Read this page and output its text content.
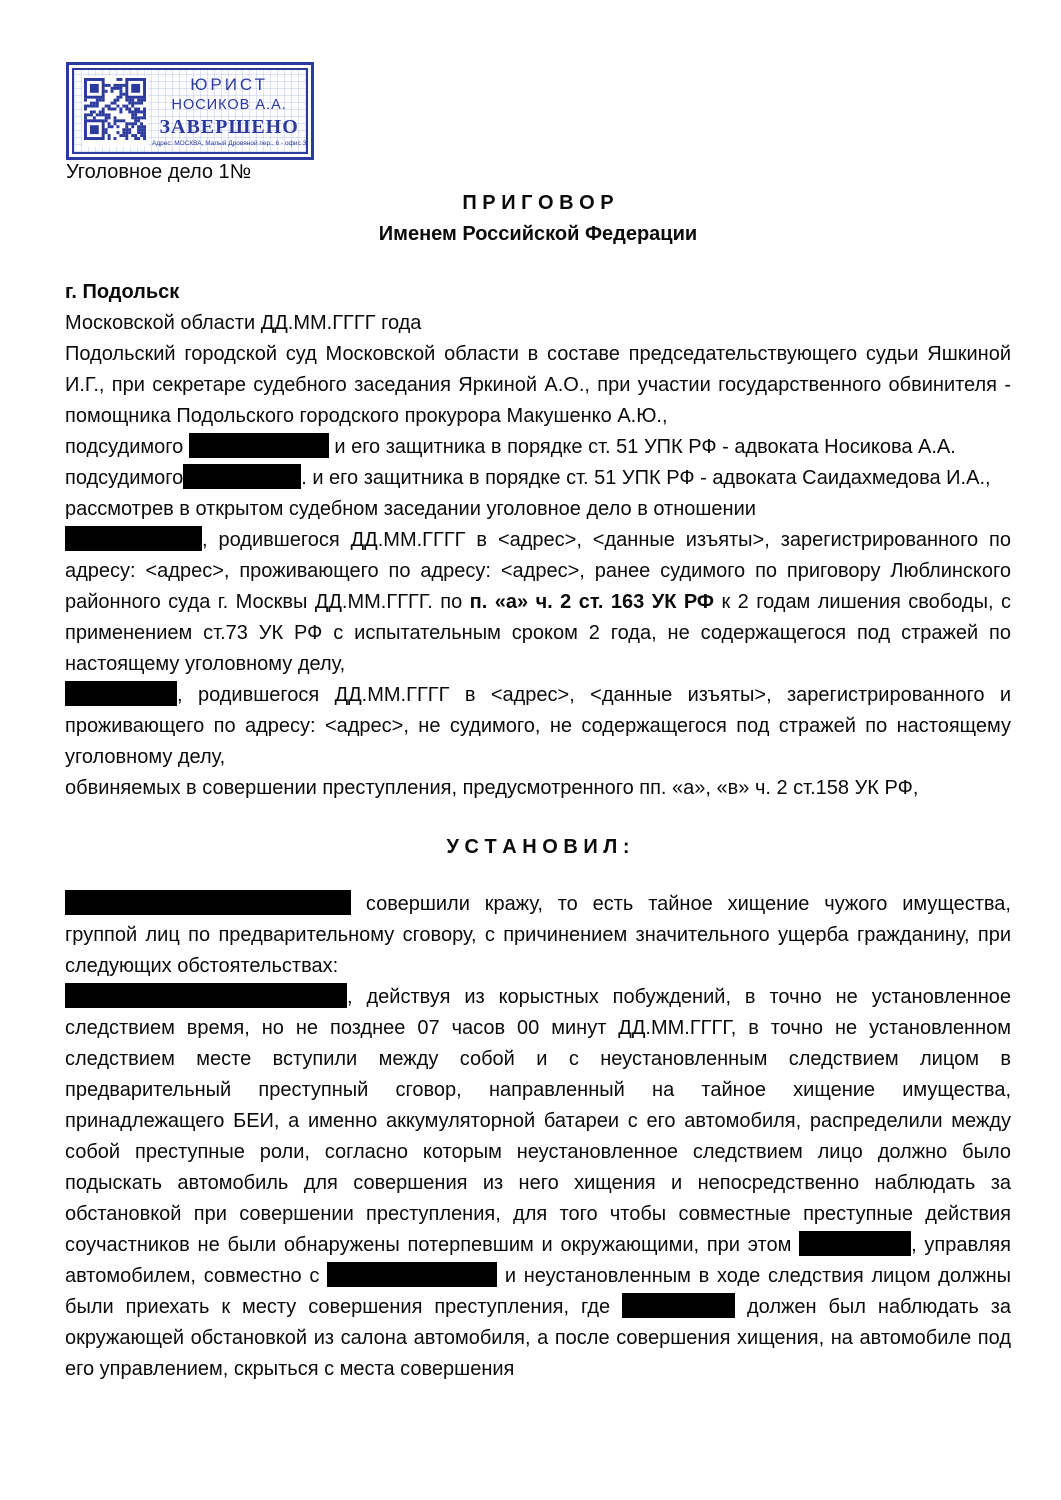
ЮРИСТ
НОСИКОВ А.А.
ЗАВЕРШЕНО
Адрес: МОСКВА, Малый Дровяной пер., 6 - офис 3
Уголовное дело 1№
П Р И Г О В О Р
Именем Российской Федерации
г. Подольск
Московской области ДД.ММ.ГГГГ года
Подольский городской суд Московской области в составе председательствующего судьи Яшкиной И.Г., при секретаре судебного заседания Яркиной А.О., при участии государственного обвинителя - помощника Подольского городского прокурора Макушенко А.Ю.,
подсудимого	и его защитника в порядке ст. 51 УПК РФ - адвоката Носикова А.А.
подсудимого	. и его защитника в порядке ст. 51 УПК РФ - адвоката Саидахмедова И.А.,
рассмотрев в открытом судебном заседании уголовное дело в отношении
, родившегося ДД.ММ.ГГГГ в <адрес>, <данные изъяты>, зарегистрированного по адресу: <адрес>, проживающего по адресу: <адрес>, ранее судимого по приговору Люблинского районного суда г. Москвы ДД.ММ.ГГГГ. по п. «а» ч. 2 ст. 163 УК РФ к 2 годам лишения свободы, с применением ст.73 УК РФ с испытательным сроком 2 года, не содержащегося под стражей по настоящему уголовному делу,
, родившегося ДД.ММ.ГГГГ в <адрес>, <данные изъяты>, зарегистрированного и проживающего по адресу: <адрес>, не судимого, не содержащегося под стражей по настоящему уголовному делу,
обвиняемых в совершении преступления, предусмотренного пп. «а», «в» ч. 2 ст.158 УК РФ,
У С Т А Н О В И Л :
совершили кражу, то есть тайное хищение чужого имущества, группой лиц по предварительному сговору, с причинением значительного ущерба гражданину, при следующих обстоятельствах:
, действуя из корыстных побуждений, в точно не установленное следствием время, но не позднее 07 часов 00 минут ДД.ММ.ГГГГ, в точно не установленном следствием месте вступили между собой и с неустановленным следствием лицом в предварительный преступный сговор, направленный на тайное хищение имущества, принадлежащего БЕИ, а именно аккумуляторной батареи с его автомобиля, распределили между собой преступные роли, согласно которым неустановленное следствием лицо должно было подыскать автомобиль для совершения из него хищения и непосредственно наблюдать за обстановкой при совершении преступления, для того чтобы совместные преступные действия соучастников не были обнаружены потерпевшим и окружающими, при этом	, управляя автомобилем, совместно с	и неустановленным в ходе следствия лицом должны были приехать к месту совершения преступления, где	должен был наблюдать за окружающей обстановкой из салона автомобиля, а после совершения хищения, на автомобиле под его управлением, скрыться с места совершения
